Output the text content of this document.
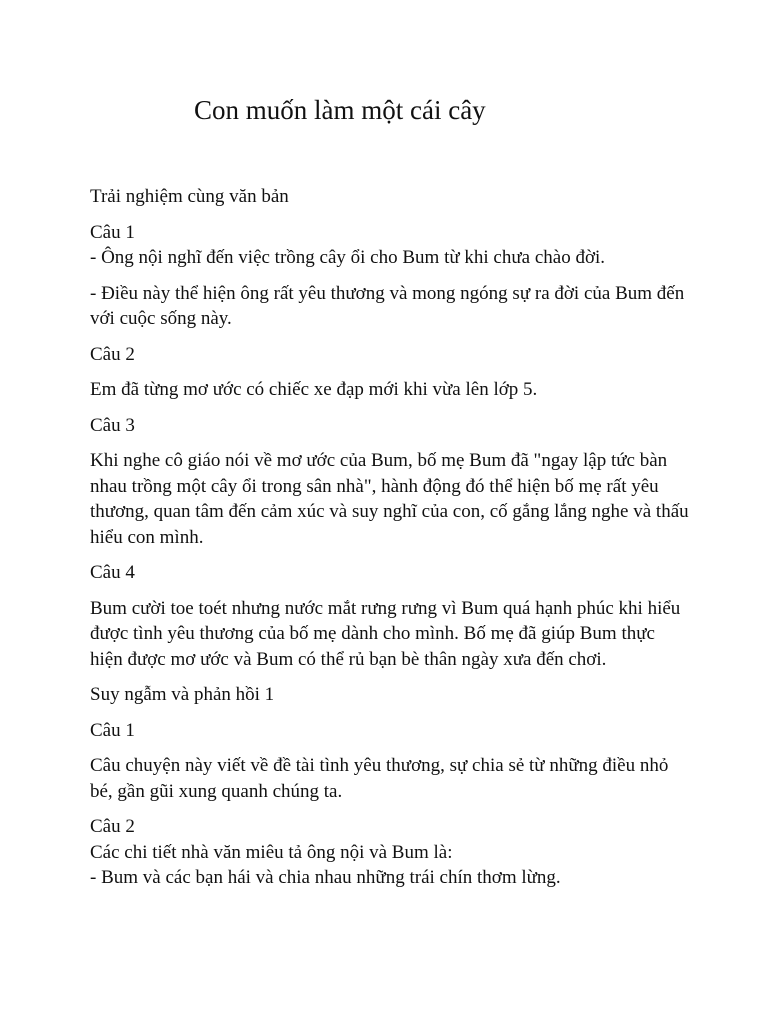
Con muốn làm một cái cây

Trải nghiệm cùng văn bản

Câu 1

- Ông nội nghĩ đến việc trồng cây ổi cho Bum từ khi chưa chào đời.

- Điều này thể hiện ông rất yêu thương và mong ngóng sự ra đời của Bum đến với cuộc sống này.

Câu 2

Em đã từng mơ ước có chiếc xe đạp mới khi vừa lên lớp 5.

Câu 3

Khi nghe cô giáo nói về mơ ước của Bum, bố mẹ Bum đã "ngay lập tức bàn nhau trồng một cây ổi trong sân nhà", hành động đó thể hiện bố mẹ rất yêu thương, quan tâm đến cảm xúc và suy nghĩ của con, cố gắng lắng nghe và thấu hiểu con mình.

Câu 4

Bum cười toe toét nhưng nước mắt rưng rưng vì Bum quá hạnh phúc khi hiểu được tình yêu thương của bố mẹ dành cho mình. Bố mẹ đã giúp Bum thực hiện được mơ ước và Bum có thể rủ bạn bè thân ngày xưa đến chơi.

Suy ngẫm và phản hồi 1

Câu 1

Câu chuyện này viết về đề tài tình yêu thương, sự chia sẻ từ những điều nhỏ bé, gần gũi xung quanh chúng ta.

Câu 2

Các chi tiết nhà văn miêu tả ông nội và Bum là:

- Bum và các bạn hái và chia nhau những trái chín thơm lừng.
